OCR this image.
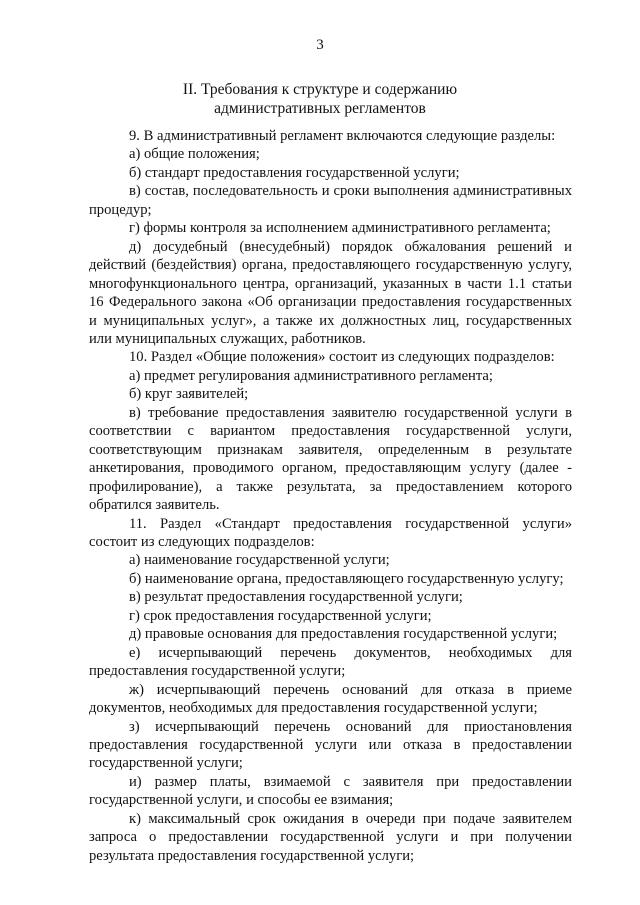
3
II. Требования к структуре и содержанию
административных регламентов

9. В административный регламент включаются следующие разделы:

а) общие положения;

б) стандарт предоставления государственной услуги;

в) состав, последовательность и сроки выполнения административных процедур;

г) формы контроля за исполнением административного регламента;

д) досудебный (внесудебный) порядок обжалования решений и действий (бездействия) органа, предоставляющего государственную услугу, многофункционального центра, организаций, указанных в части 1.1 статьи 16 Федерального закона «Об организации предоставления государственных и муниципальных услуг», а также их должностных лиц, государственных или муниципальных служащих, работников.

10. Раздел «Общие положения» состоит из следующих подразделов:

а) предмет регулирования административного регламента;

б) круг заявителей;

в) требование предоставления заявителю государственной услуги в соответствии с вариантом предоставления государственной услуги, соответствующим признакам заявителя, определенным в результате анкетирования, проводимого органом, предоставляющим услугу (далее - профилирование), а также результата, за предоставлением которого обратился заявитель.

11. Раздел «Стандарт предоставления государственной услуги» состоит из следующих подразделов:

а) наименование государственной услуги;

б) наименование органа, предоставляющего государственную услугу;

в) результат предоставления государственной услуги;

г) срок предоставления государственной услуги;

д) правовые основания для предоставления государственной услуги;

е) исчерпывающий перечень документов, необходимых для предоставления государственной услуги;

ж) исчерпывающий перечень оснований для отказа в приеме документов, необходимых для предоставления государственной услуги;

з) исчерпывающий перечень оснований для приостановления предоставления государственной услуги или отказа в предоставлении государственной услуги;

и) размер платы, взимаемой с заявителя при предоставлении государственной услуги, и способы ее взимания;

к) максимальный срок ожидания в очереди при подаче заявителем запроса о предоставлении государственной услуги и при получении результата предоставления государственной услуги;
